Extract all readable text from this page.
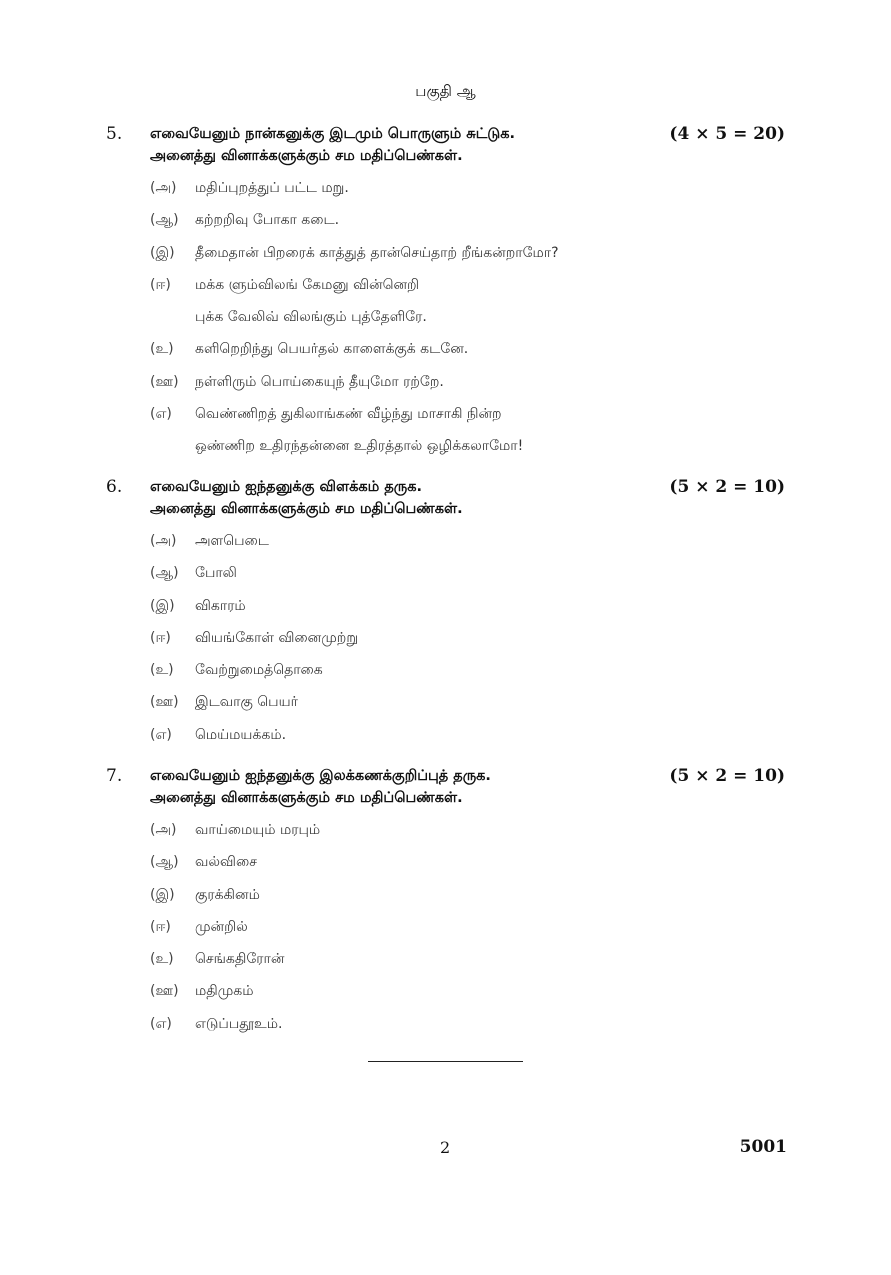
பகுதி ஆ
5. எவையேனும் நான்கனுக்கு இடமும் பொருளும் சுட்டுக.
அனைத்து வினாக்களுக்கும் சம மதிப்பெண்கள்.
(4 × 5 = 20)
(அ) மதிப்புறத்துப் பட்ட மறு.
(ஆ) கற்றறிவு போகா கடை.
(இ) தீமைதான் பிறரைக் காத்துத் தான்செய்தாற் றீங்கன்றாமோ?
(ஈ) மக்க ளும்விலங் கேமனு வின்னெறி
புக்க வேலிவ் விலங்கும் புத்தேளிரே.
(உ) களிறெறிந்து பெயர்தல் காளைக்குக் கடனே.
(ஊ) நள்ளிரும் பொய்கையுந் தீயுமோ ரற்றே.
(எ) வெண்ணிறத் துகிலாங்கண் வீழ்ந்து மாசாகி நின்ற
ஒண்ணிற உதிரந்தன்னை உதிரத்தால் ஒழிக்கலாமோ!
6. எவையேனும் ஐந்தனுக்கு விளக்கம் தருக.
அனைத்து வினாக்களுக்கும் சம மதிப்பெண்கள்.
(5 × 2 = 10)
(அ) அளபெடை
(ஆ) போலி
(இ) விகாரம்
(ஈ) வியங்கோள் வினைமுற்று
(உ) வேற்றுமைத்தொகை
(ஊ) இடவாகு பெயர்
(எ) மெய்மயக்கம்.
7. எவையேனும் ஐந்தனுக்கு இலக்கணக்குறிப்புத் தருக.
அனைத்து வினாக்களுக்கும் சம மதிப்பெண்கள்.
(5 × 2 = 10)
(அ) வாய்மையும் மரபும்
(ஆ) வல்விசை
(இ) குரக்கினம்
(ஈ) முன்றில்
(உ) செங்கதிரோன்
(ஊ) மதிமுகம்
(எ) எடுப்பதூஉம்.
2	5001
